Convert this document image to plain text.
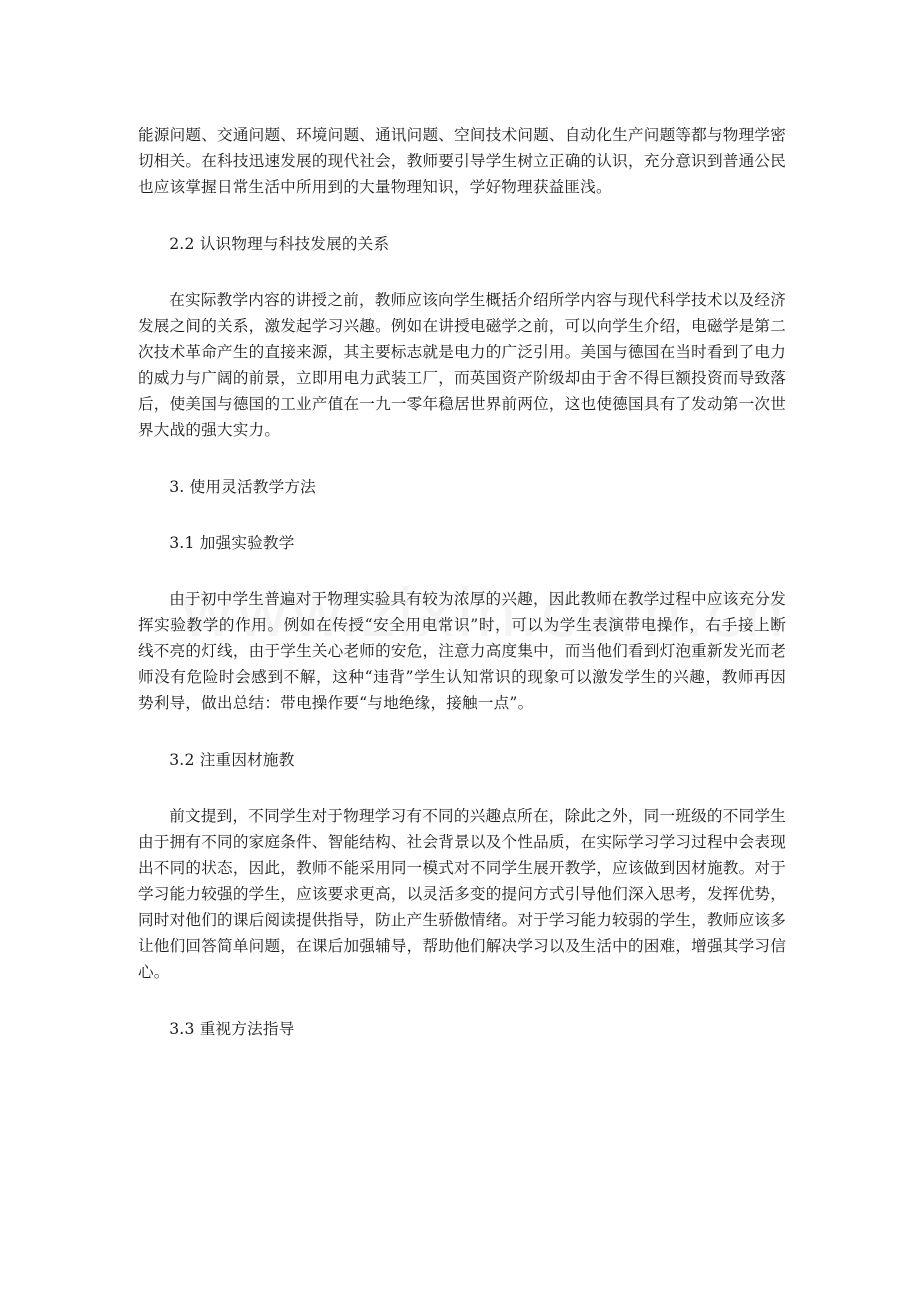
能源问题、交通问题、环境问题、通讯问题、空间技术问题、自动化生产问题等都与物理学密切相关。在科技迅速发展的现代社会，教师要引导学生树立正确的认识，充分意识到普通公民也应该掌握日常生活中所用到的大量物理知识，学好物理获益匪浅。

2.2 认识物理与科技发展的关系

在实际教学内容的讲授之前，教师应该向学生概括介绍所学内容与现代科学技术以及经济发展之间的关系，激发起学习兴趣。例如在讲授电磁学之前，可以向学生介绍，电磁学是第二次技术革命产生的直接来源，其主要标志就是电力的广泛引用。美国与德国在当时看到了电力的威力与广阔的前景，立即用电力武装工厂，而英国资产阶级却由于舍不得巨额投资而导致落后，使美国与德国的工业产值在一九一零年稳居世界前两位，这也使德国具有了发动第一次世界大战的强大实力。

3. 使用灵活教学方法

3.1 加强实验教学

由于初中学生普遍对于物理实验具有较为浓厚的兴趣，因此教师在教学过程中应该充分发挥实验教学的作用。例如在传授“安全用电常识”时，可以为学生表演带电操作，右手接上断线不亮的灯线，由于学生关心老师的安危，注意力高度集中，而当他们看到灯泡重新发光而老师没有危险时会感到不解，这种“违背”学生认知常识的现象可以激发学生的兴趣，教师再因势利导，做出总结：带电操作要“与地绝缘，接触一点”。

3.2 注重因材施教

前文提到，不同学生对于物理学习有不同的兴趣点所在，除此之外，同一班级的不同学生由于拥有不同的家庭条件、智能结构、社会背景以及个性品质，在实际学习学习过程中会表现出不同的状态，因此，教师不能采用同一模式对不同学生展开教学，应该做到因材施教。对于学习能力较强的学生，应该要求更高，以灵活多变的提问方式引导他们深入思考，发挥优势，同时对他们的课后阅读提供指导，防止产生骄傲情绪。对于学习能力较弱的学生，教师应该多让他们回答简单问题，在课后加强辅导，帮助他们解决学习以及生活中的困难，增强其学习信心。

3.3 重视方法指导
